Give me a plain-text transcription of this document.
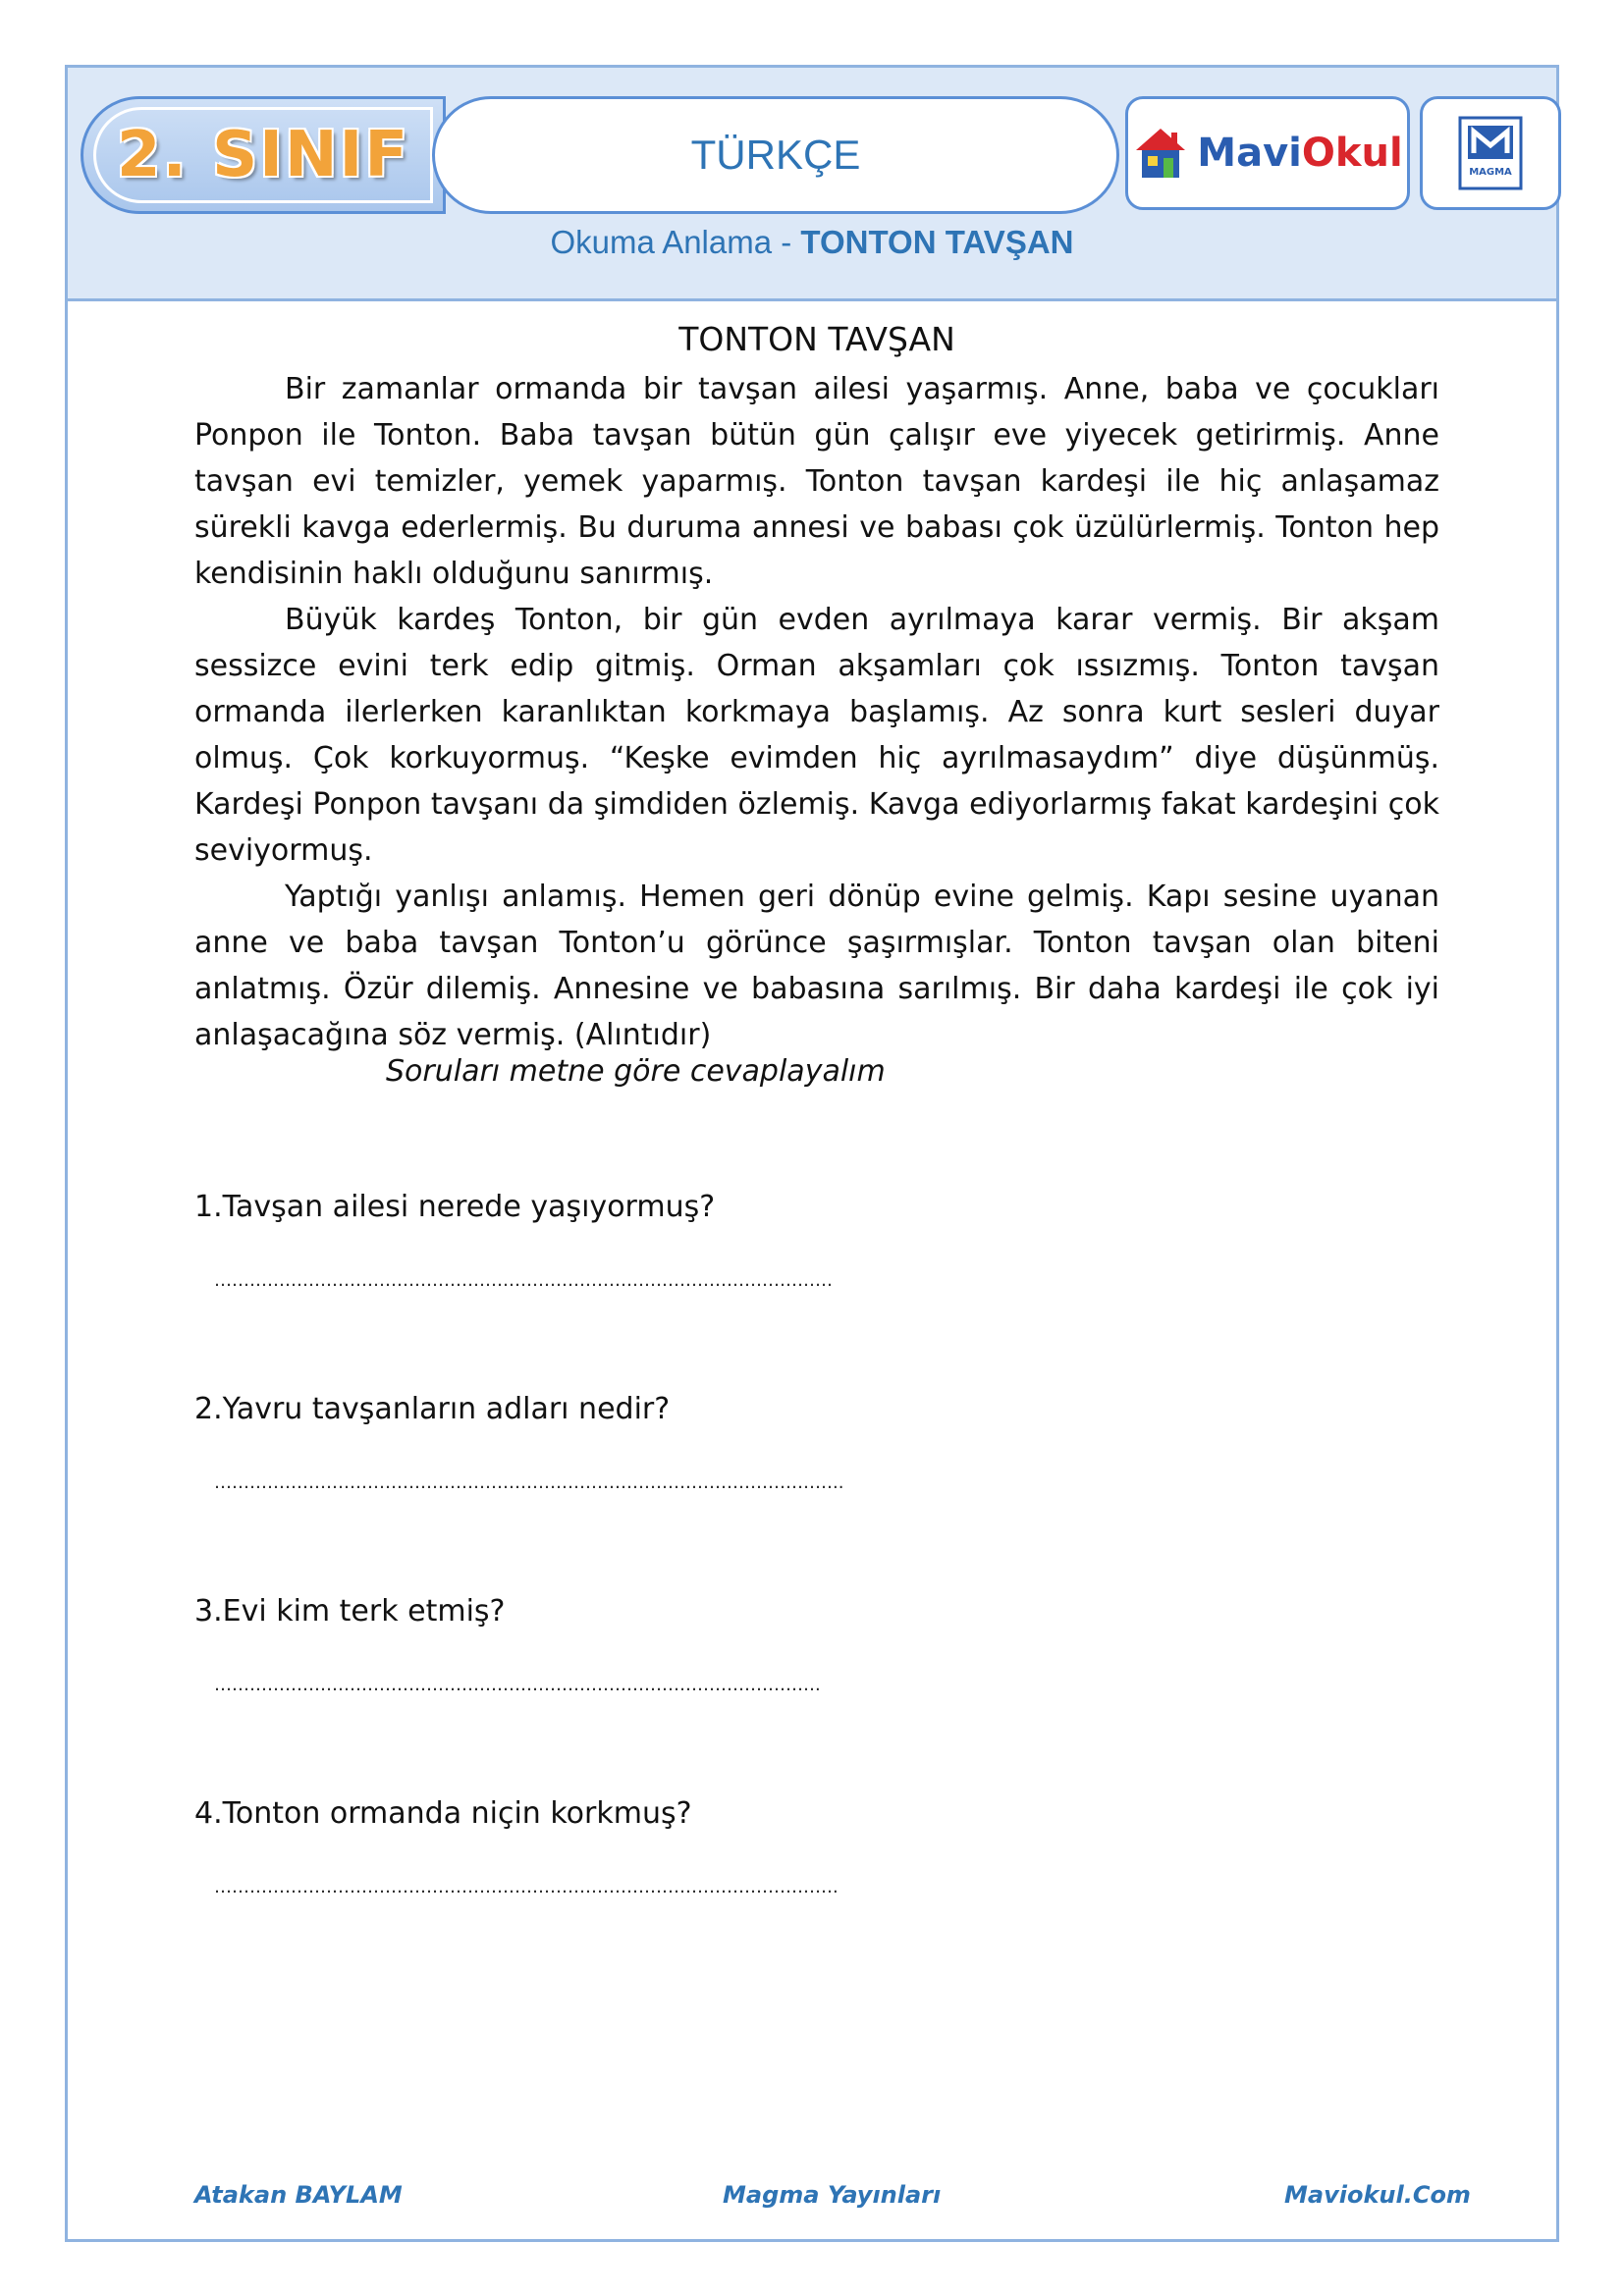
2. SINIF	TÜRKÇE	MaviOkul	MAGMA
Okuma Anlama - TONTON TAVŞAN
TONTON TAVŞAN

Bir zamanlar ormanda bir tavşan ailesi yaşarmış. Anne, baba ve çocukları Ponpon ile Tonton. Baba tavşan bütün gün çalışır eve yiyecek getirirmiş. Anne tavşan evi temizler, yemek yaparmış. Tonton tavşan kardeşi ile hiç anlaşamaz sürekli kavga ederlermiş. Bu duruma annesi ve babası çok üzülürlermiş. Tonton hep kendisinin haklı olduğunu sanırmış.

Büyük kardeş Tonton, bir gün evden ayrılmaya karar vermiş. Bir akşam sessizce evini terk edip gitmiş. Orman akşamları çok ıssızmış. Tonton tavşan ormanda ilerlerken karanlıktan korkmaya başlamış. Az sonra kurt sesleri duyar olmuş. Çok korkuyormuş. “Keşke evimden hiç ayrılmasaydım” diye düşünmüş. Kardeşi Ponpon tavşanı da şimdiden özlemiş. Kavga ediyorlarmış fakat kardeşini çok seviyormuş.

Yaptığı yanlışı anlamış. Hemen geri dönüp evine gelmiş. Kapı sesine uyanan anne ve baba tavşan Tonton’u görünce şaşırmışlar. Tonton tavşan olan biteni anlatmış. Özür dilemiş. Annesine ve babasına sarılmış. Bir daha kardeşi ile çok iyi anlaşacağına söz vermiş. (Alıntıdır)

Soruları metne göre cevaplayalım
1.Tavşan ailesi nerede yaşıyormuş?
……………………………………………………………………………………………
2.Yavru tavşanların adları nedir?
……………………………………………………………………………………………..
3.Evi kim terk etmiş?
………………………………………………………………………………………….
4.Tonton ormanda niçin korkmuş?
…………………………………………………………………………………………….
Atakan BAYLAM	Magma Yayınları	Maviokul.Com
